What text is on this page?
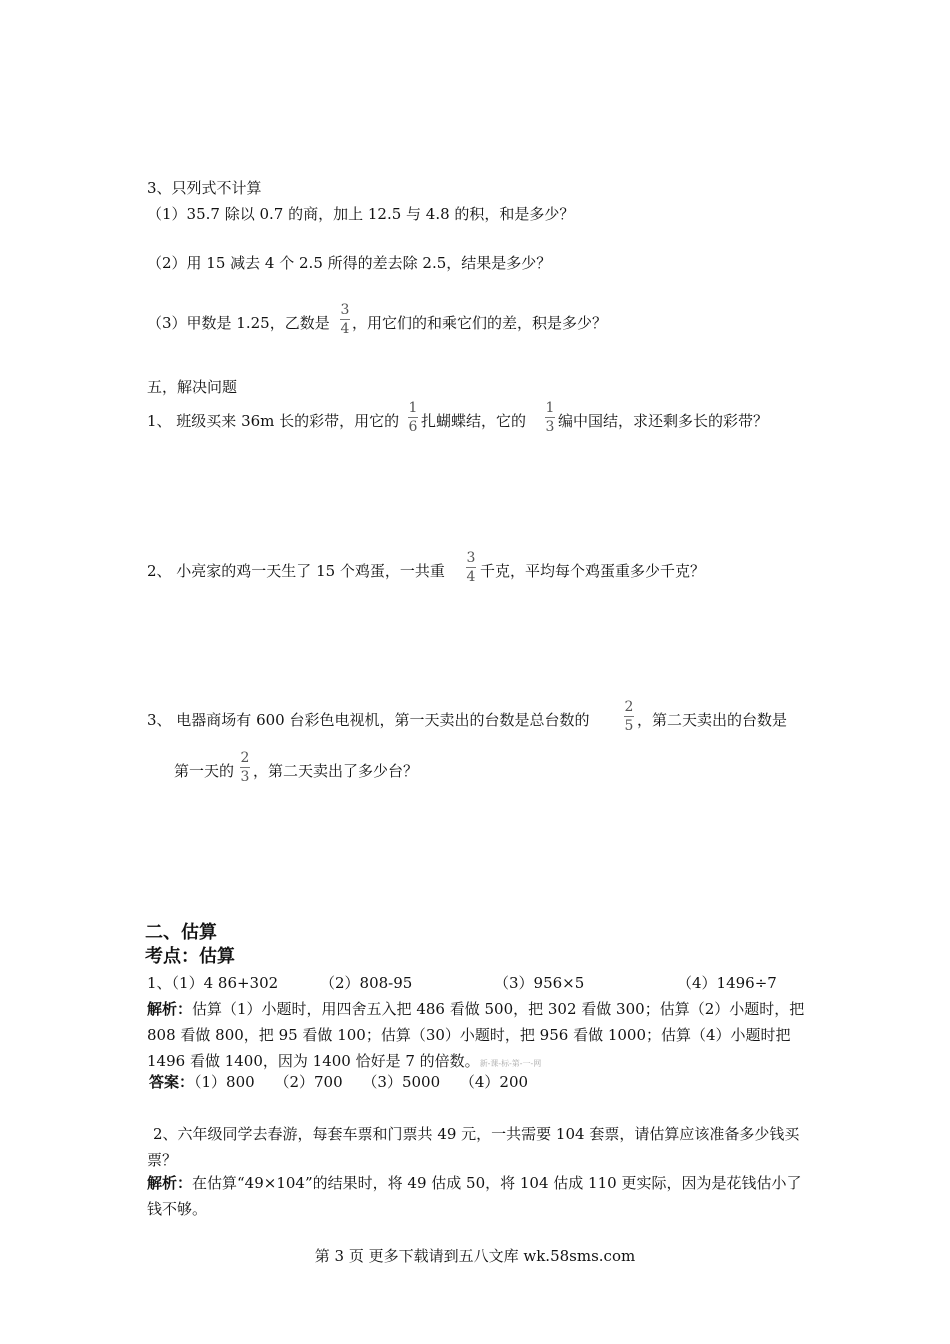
3、只列式不计算
（1）35.7 除以 0.7 的商，加上 12.5 与 4.8 的积，和是多少？
（2）用 15 减去 4 个 2.5 所得的差去除 2.5，结果是多少？
（3）甲数是 1.25，乙数是
3
4 ，用它们的和乘它们的差，积是多少？
五，解决问题
1、 班级买来 36m 长的彩带，用它的
1
6 扎蝴蝶结，它的
1
3 编中国结，求还剩多长的彩带？
2、 小亮家的鸡一天生了 15 个鸡蛋，一共重
3
4 千克，平均每个鸡蛋重多少千克？
3、 电器商场有 600 台彩色电视机，第一天卖出的台数是总台数的
2
5 ，第二天卖出的台数是
第一天的
2
3 ，第二天卖出了多少台？
二、估算
考点：估算
1、（1）4 86+302	（2）808-95	（3）956×5	（4）1496÷7
解析：估算（1）小题时，用四舍五入把 486 看做 500，把 302 看做 300；估算（2）小题时，把 808 看做 800，把 95 看做 100；估算（30）小题时，把 956 看做 1000；估算（4）小题时把 1496 看做 1400，因为 1400 恰好是 7 的倍数。新-课-标-第-一-网
答案：（1）800　 （2）700　 （3）5000　 （4）200
2、六年级同学去春游，每套车票和门票共 49 元，一共需要 104 套票，请估算应该准备多少钱买票？
解析：在估算“49×104”的结果时，将 49 估成 50，将 104 估成 110 更实际，因为是花钱估小了钱不够。
第 3 页 更多下载请到五八文库 wk.58sms.com
